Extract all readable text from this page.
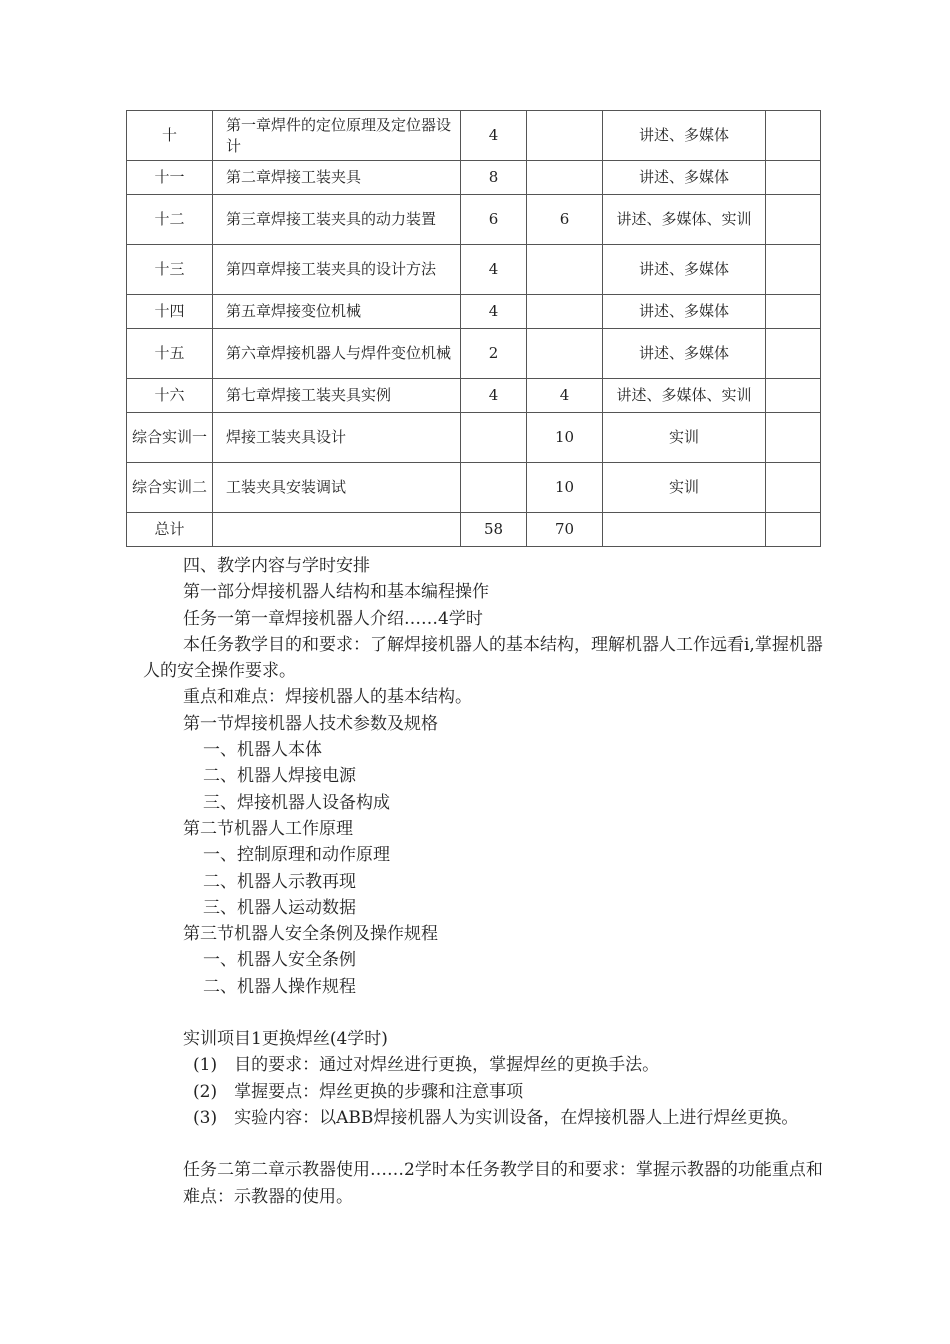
十	第一章焊件的定位原理及定位器设计	4		讲述、多媒体	
十一	第二章焊接工装夹具	8		讲述、多媒体	
十二	第三章焊接工装夹具的动力装置	6	6	讲述、多媒体、实训	
十三	第四章焊接工装夹具的设计方法	4		讲述、多媒体	
十四	第五章焊接变位机械	4		讲述、多媒体	
十五	第六章焊接机器人与焊件变位机械	2		讲述、多媒体	
十六	第七章焊接工装夹具实例	4	4	讲述、多媒体、实训	
综合实训一	焊接工装夹具设计		10	实训	
综合实训二	工装夹具安装调试		10	实训	
总计		58	70		

四、教学内容与学时安排

第一部分焊接机器人结构和基本编程操作

任务一第一章焊接机器人介绍……4学时

本任务教学目的和要求：了解焊接机器人的基本结构，理解机器人工作远看i,掌握机器人的安全操作要求。

重点和难点：焊接机器人的基本结构。

第一节焊接机器人技术参数及规格

一、机器人本体

二、机器人焊接电源

三、焊接机器人设备构成

第二节机器人工作原理

一、控制原理和动作原理

二、机器人示教再现

三、机器人运动数据

第三节机器人安全条例及操作规程

一、机器人安全条例

二、机器人操作规程

实训项目1更换焊丝(4学时)

(1)　目的要求：通过对焊丝进行更换，掌握焊丝的更换手法。

(2)　掌握要点：焊丝更换的步骤和注意事项

(3)　实验内容：以ABB焊接机器人为实训设备，在焊接机器人上进行焊丝更换。

任务二第二章示教器使用……2学时本任务教学目的和要求：掌握示教器的功能重点和难点：示教器的使用。
